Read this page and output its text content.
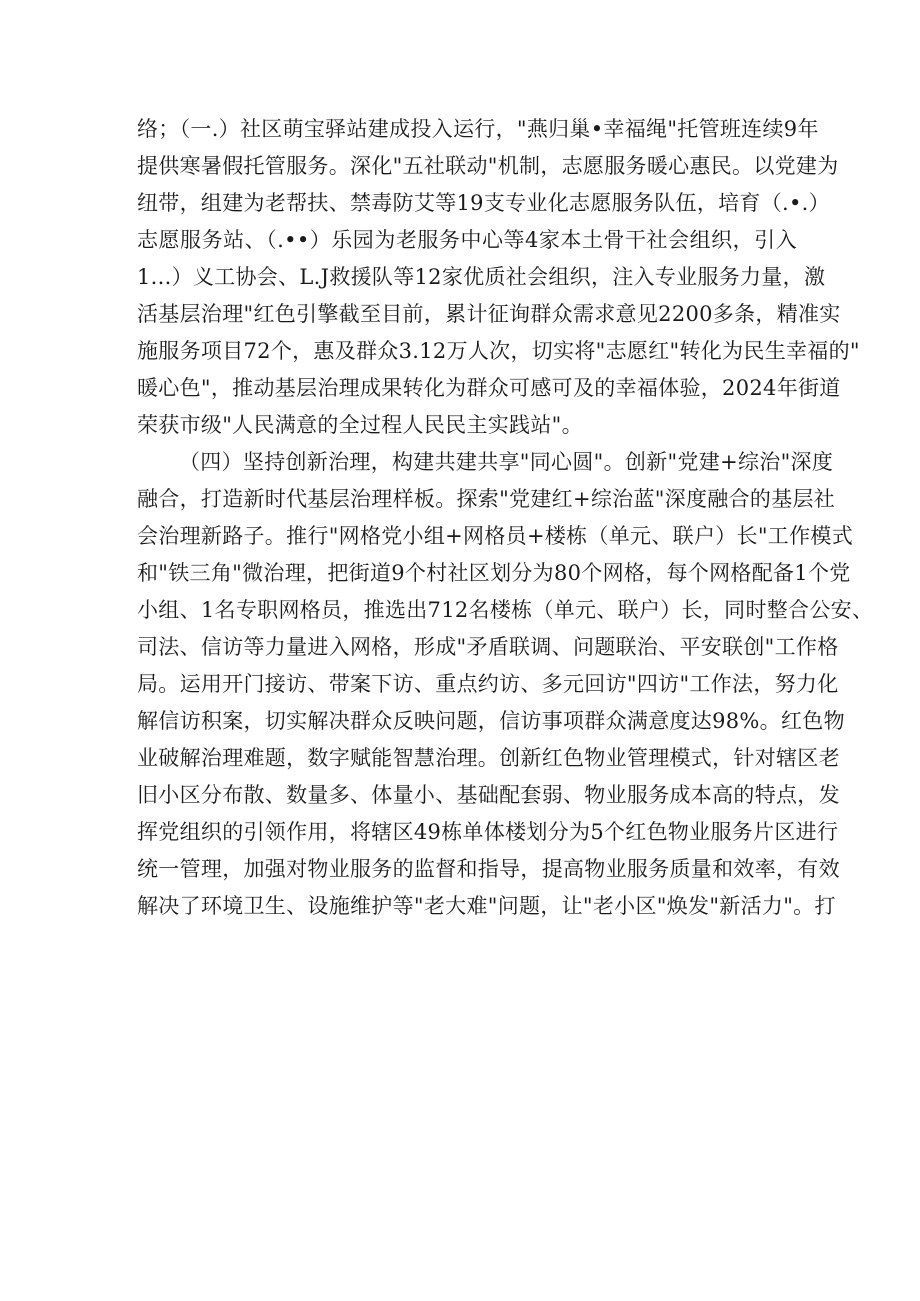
络；（一.）社区萌宝驿站建成投入运行，"燕归巢•幸福绳"托管班连续9年
提供寒暑假托管服务。深化"五社联动"机制，志愿服务暖心惠民。以党建为
纽带，组建为老帮扶、禁毒防艾等19支专业化志愿服务队伍，培育（.•.）
志愿服务站、（.••）乐园为老服务中心等4家本土骨干社会组织，引入
1...）义工协会、L.J救援队等12家优质社会组织，注入专业服务力量，激
活基层治理"红色引擎截至目前，累计征询群众需求意见2200多条，精准实
施服务项目72个，惠及群众3.12万人次，切实将"志愿红"转化为民生幸福的"
暖心色"，推动基层治理成果转化为群众可感可及的幸福体验，2024年街道
荣获市级"人民满意的全过程人民民主实践站"。
（四）坚持创新治理，构建共建共享"同心圆"。创新"党建+综治"深度
融合，打造新时代基层治理样板。探索"党建红+综治蓝"深度融合的基层社
会治理新路子。推行"网格党小组+网格员+楼栋（单元、联户）长"工作模式
和"铁三角"微治理，把街道9个村社区划分为80个网格，每个网格配备1个党
小组、1名专职网格员，推选出712名楼栋（单元、联户）长，同时整合公安、
司法、信访等力量进入网格，形成"矛盾联调、问题联治、平安联创"工作格
局。运用开门接访、带案下访、重点约访、多元回访"四访"工作法，努力化
解信访积案，切实解决群众反映问题，信访事项群众满意度达98%。红色物
业破解治理难题，数字赋能智慧治理。创新红色物业管理模式，针对辖区老
旧小区分布散、数量多、体量小、基础配套弱、物业服务成本高的特点，发
挥党组织的引领作用，将辖区49栋单体楼划分为5个红色物业服务片区进行
统一管理，加强对物业服务的监督和指导，提高物业服务质量和效率，有效
解决了环境卫生、设施维护等"老大难"问题，让"老小区"焕发"新活力"。打
